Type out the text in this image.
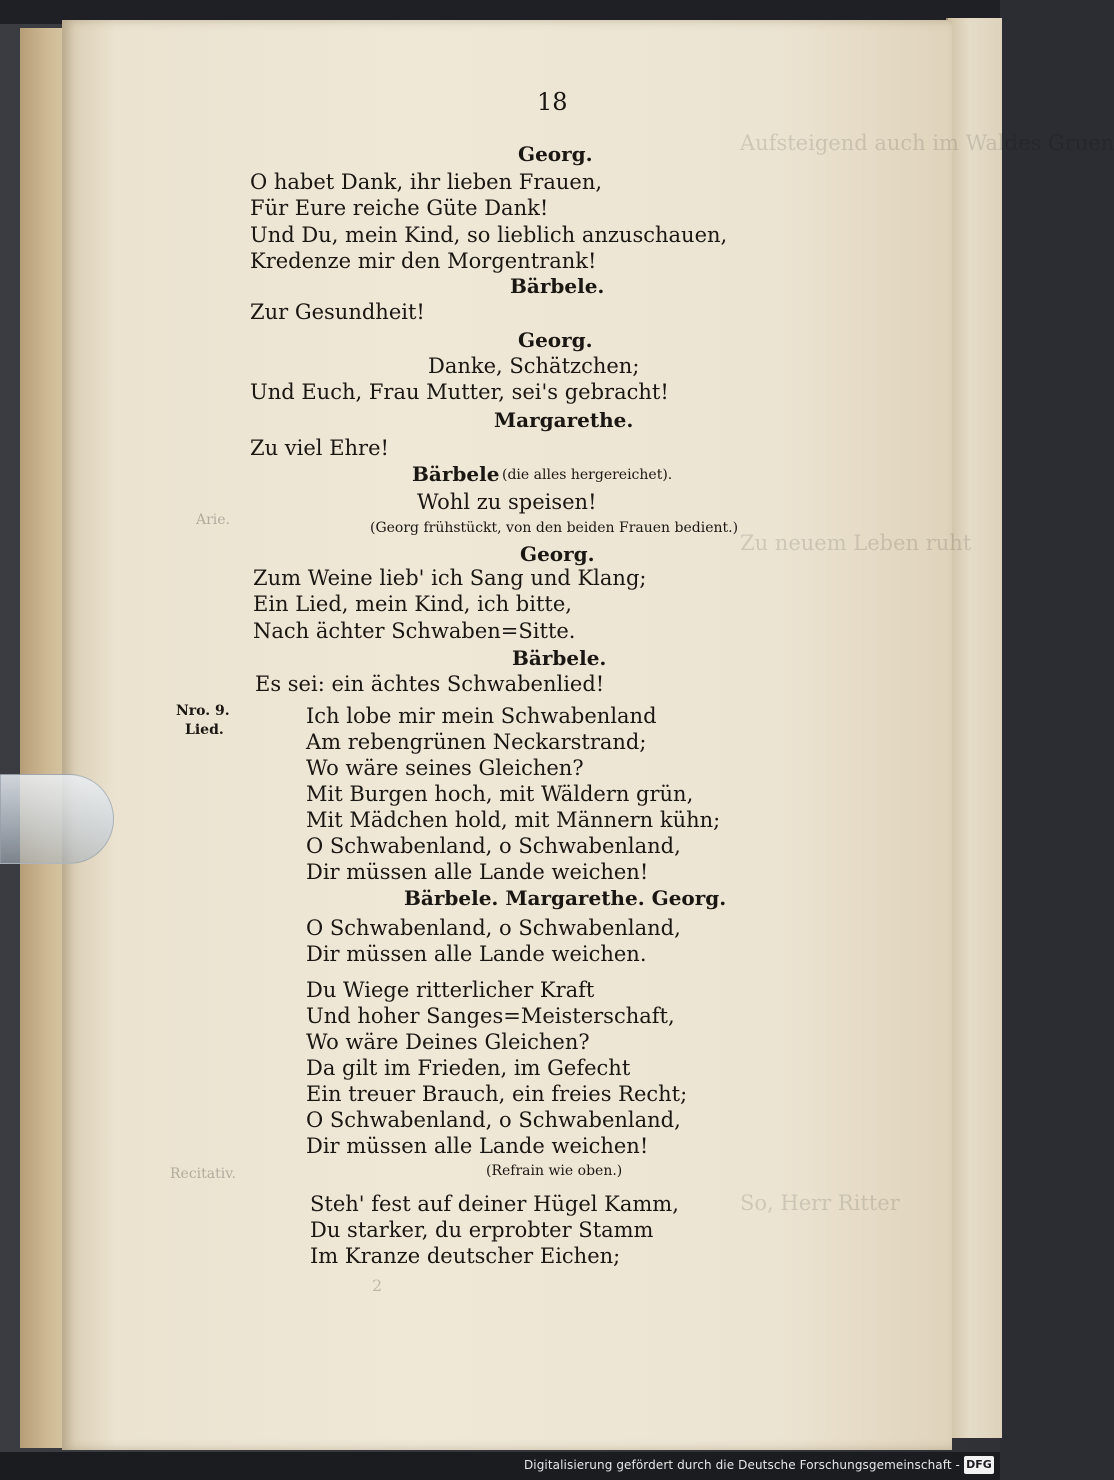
Aufsteigend auch im Waldes Gruen
Zu neuem Leben ruht
So, Herr Ritter
Arie.
Recitativ.
2
18
Georg.
O habet Dank, ihr lieben Frauen,
Für Eure reiche Güte Dank!
Und Du, mein Kind, so lieblich anzuschauen,
Kredenze mir den Morgentrank!
Bärbele.
Zur Gesundheit!
Georg.
Danke, Schätzchen;
Und Euch, Frau Mutter, sei's gebracht!
Margarethe.
Zu viel Ehre!
Bärbele (die alles hergereichet).
Wohl zu speisen!
(Georg frühstückt, von den beiden Frauen bedient.)
Georg.
Zum Weine lieb' ich Sang und Klang;
Ein Lied, mein Kind, ich bitte,
Nach ächter Schwaben=Sitte.
Bärbele.
Es sei: ein ächtes Schwabenlied!
Nro. 9.
Lied.
Ich lobe mir mein Schwabenland
Am rebengrünen Neckarstrand;
Wo wäre seines Gleichen?
Mit Burgen hoch, mit Wäldern grün,
Mit Mädchen hold, mit Männern kühn;
O Schwabenland, o Schwabenland,
Dir müssen alle Lande weichen!
Bärbele. Margarethe. Georg.
O Schwabenland, o Schwabenland,
Dir müssen alle Lande weichen.
Du Wiege ritterlicher Kraft
Und hoher Sanges=Meisterschaft,
Wo wäre Deines Gleichen?
Da gilt im Frieden, im Gefecht
Ein treuer Brauch, ein freies Recht;
O Schwabenland, o Schwabenland,
Dir müssen alle Lande weichen!
(Refrain wie oben.)
Steh' fest auf deiner Hügel Kamm,
Du starker, du erprobter Stamm
Im Kranze deutscher Eichen;
Digitalisierung gefördert durch die Deutsche Forschungsgemeinschaft - DFG
